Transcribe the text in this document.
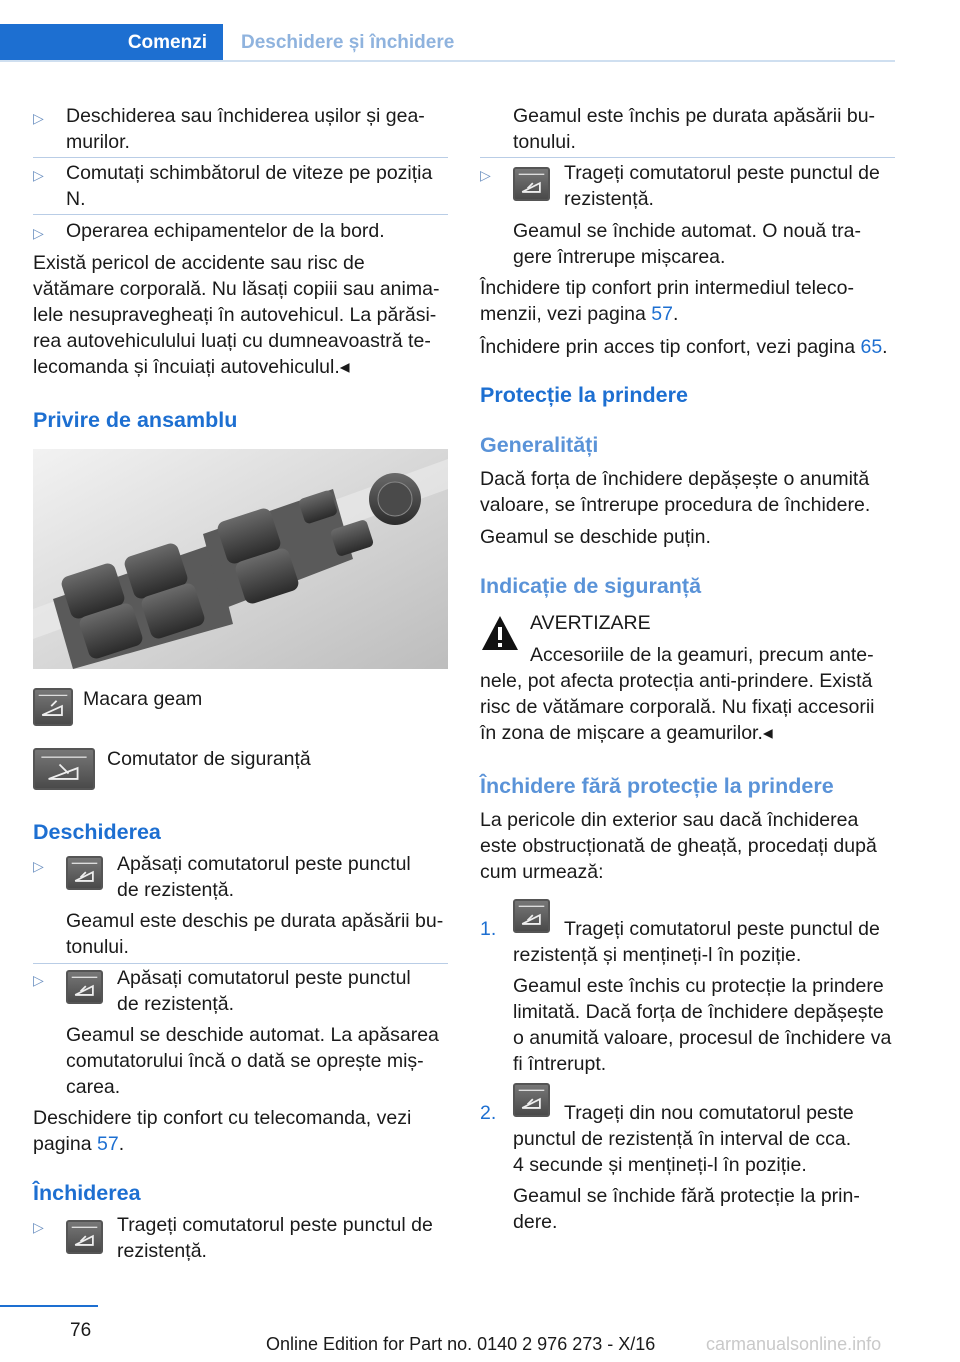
Comenzi	Deschidere și închidere
▷ Deschiderea sau închiderea ușilor și gea-
murilor.
▷ Comutați schimbătorul de viteze pe poziția
N.
▷ Operarea echipamentelor de la bord.
Există pericol de accidente sau risc de
vătămare corporală. Nu lăsați copiii sau anima-
lele nesupravegheați în autovehicul. La părăsi-
rea autovehiculului luați cu dumneavoastră te-
lecomanda și încuiați autovehiculul.◂
Privire de ansamblu
Macara geam
Comutator de siguranță
Deschiderea
▷	Apăsați comutatorul peste punctul
de rezistență.
Geamul este deschis pe durata apăsării bu-
tonului.
▷	Apăsați comutatorul peste punctul
de rezistență.
Geamul se deschide automat. La apăsarea
comutatorului încă o dată se oprește miș-
carea.
Deschidere tip confort cu telecomanda, vezi
pagina 57.
Închiderea
▷	Trageți comutatorul peste punctul de
rezistență.
Geamul este închis pe durata apăsării bu-
tonului.
▷	Trageți comutatorul peste punctul de
rezistență.
Geamul se închide automat. O nouă tra-
gere întrerupe mișcarea.
Închidere tip confort prin intermediul teleco-
menzii, vezi pagina 57.
Închidere prin acces tip confort, vezi pagina 65.
Protecție la prindere
Generalități
Dacă forța de închidere depășește o anumită
valoare, se întrerupe procedura de închidere.
Geamul se deschide puțin.
Indicație de siguranță
AVERTIZARE
Accesoriile de la geamuri, precum ante-
nele, pot afecta protecția anti-prindere. Există
risc de vătămare corporală. Nu fixați accesorii
în zona de mișcare a geamurilor.◂
Închidere fără protecție la prindere
La pericole din exterior sau dacă închiderea
este obstrucționată de gheață, procedați după
cum urmează:
1.	Trageți comutatorul peste punctul de
rezistență și mențineți-l în poziție.
Geamul este închis cu protecție la prindere
limitată. Dacă forța de închidere depășește
o anumită valoare, procesul de închidere va
fi întrerupt.
2.	Trageți din nou comutatorul peste
punctul de rezistență în interval de cca.
4 secunde și mențineți-l în poziție.
Geamul se închide fără protecție la prin-
dere.
76
Online Edition for Part no. 0140 2 976 273 - X/16	carmanualsonline.info
